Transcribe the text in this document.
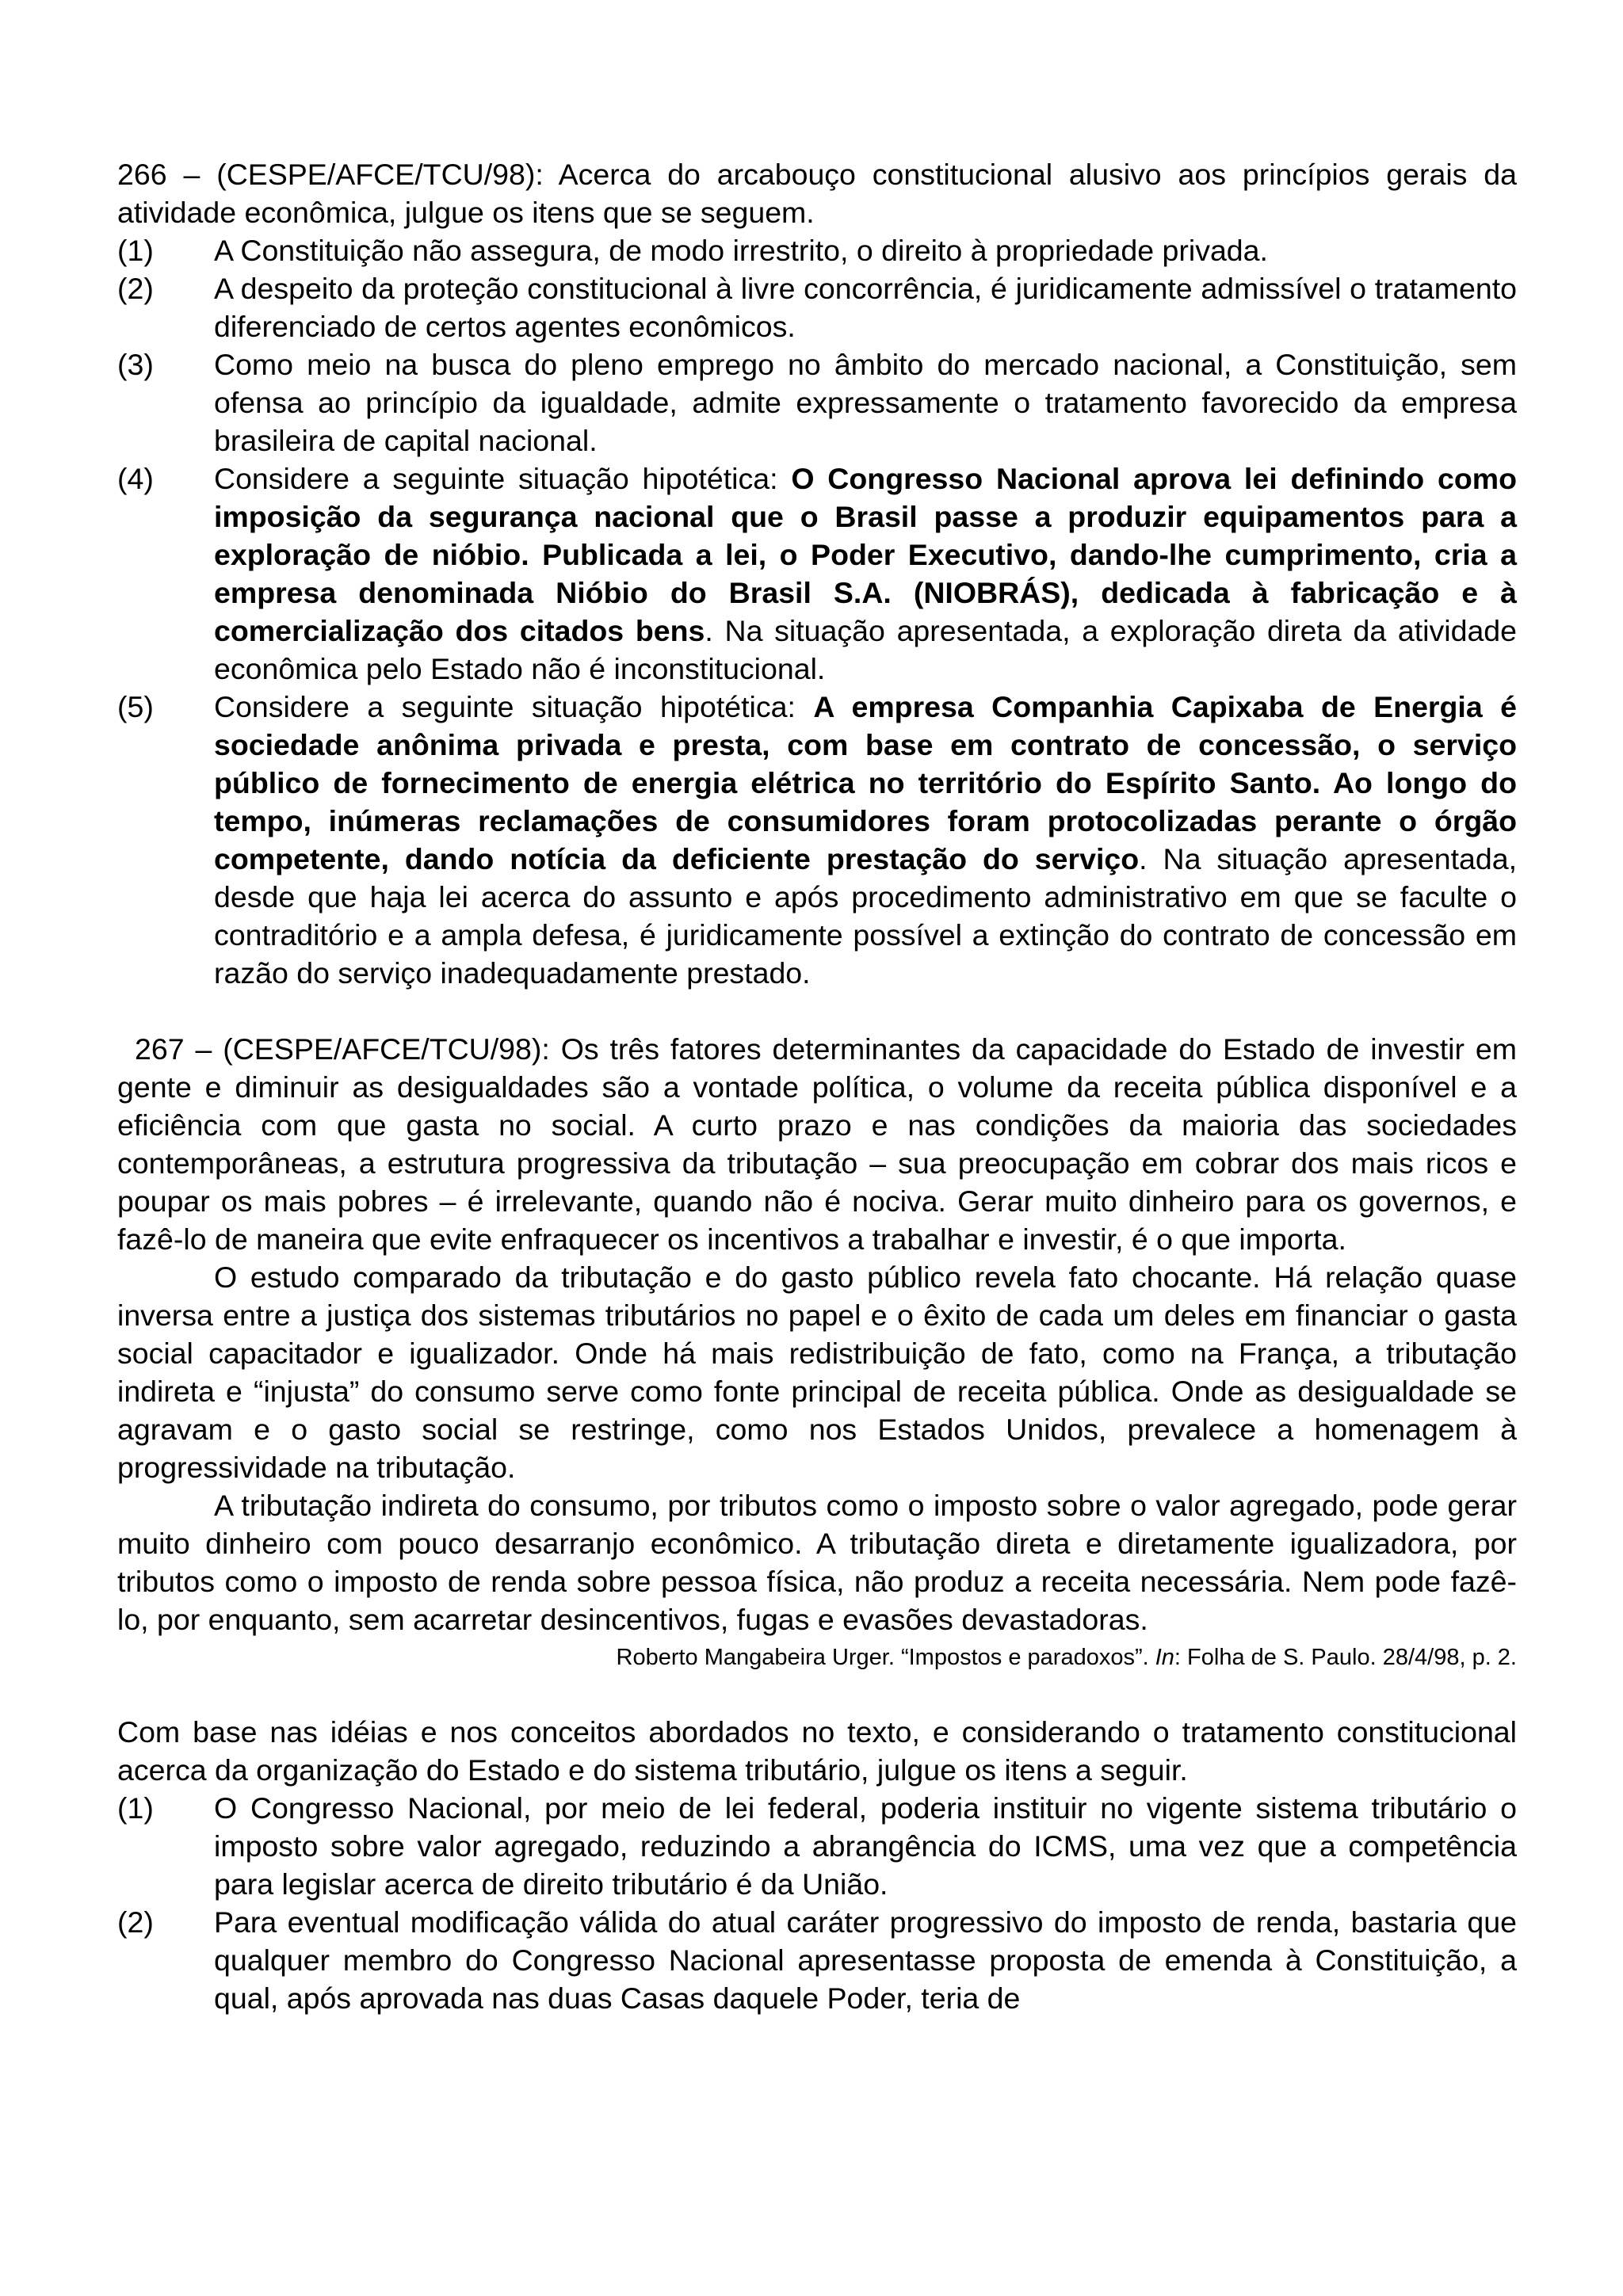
266 – (CESPE/AFCE/TCU/98): Acerca do arcabouço constitucional alusivo aos princípios gerais da atividade econômica, julgue os itens que se seguem.

(1)	A Constituição não assegura, de modo irrestrito, o direito à propriedade privada.
(2)	A despeito da proteção constitucional à livre concorrência, é juridicamente admissível o tratamento diferenciado de certos agentes econômicos.
(3)	Como meio na busca do pleno emprego no âmbito do mercado nacional, a Constituição, sem ofensa ao princípio da igualdade, admite expressamente o tratamento favorecido da empresa brasileira de capital nacional.
(4)	Considere a seguinte situação hipotética: O Congresso Nacional aprova lei definindo como imposição da segurança nacional que o Brasil passe a produzir equipamentos para a exploração de nióbio. Publicada a lei, o Poder Executivo, dando-lhe cumprimento, cria a empresa denominada Nióbio do Brasil S.A. (NIOBRÁS), dedicada à fabricação e à comercialização dos citados bens. Na situação apresentada, a exploração direta da atividade econômica pelo Estado não é inconstitucional.
(5)	Considere a seguinte situação hipotética: A empresa Companhia Capixaba de Energia é sociedade anônima privada e presta, com base em contrato de concessão, o serviço público de fornecimento de energia elétrica no território do Espírito Santo. Ao longo do tempo, inúmeras reclamações de consumidores foram protocolizadas perante o órgão competente, dando notícia da deficiente prestação do serviço. Na situação apresentada, desde que haja lei acerca do assunto e após procedimento administrativo em que se faculte o contraditório e a ampla defesa, é juridicamente possível a extinção do contrato de concessão em razão do serviço inadequadamente prestado.

267 – (CESPE/AFCE/TCU/98): Os três fatores determinantes da capacidade do Estado de investir em gente e diminuir as desigualdades são a vontade política, o volume da receita pública disponível e a eficiência com que gasta no social. A curto prazo e nas condições da maioria das sociedades contemporâneas, a estrutura progressiva da tributação – sua preocupação em cobrar dos mais ricos e poupar os mais pobres – é irrelevante, quando não é nociva. Gerar muito dinheiro para os governos, e fazê-lo de maneira que evite enfraquecer os incentivos a trabalhar e investir, é o que importa.

O estudo comparado da tributação e do gasto público revela fato chocante. Há relação quase inversa entre a justiça dos sistemas tributários no papel e o êxito de cada um deles em financiar o gasta social capacitador e igualizador. Onde há mais redistribuição de fato, como na França, a tributação indireta e “injusta” do consumo serve como fonte principal de receita pública. Onde as desigualdade se agravam e o gasto social se restringe, como nos Estados Unidos, prevalece a homenagem à progressividade na tributação.

A tributação indireta do consumo, por tributos como o imposto sobre o valor agregado, pode gerar muito dinheiro com pouco desarranjo econômico. A tributação direta e diretamente igualizadora, por tributos como o imposto de renda sobre pessoa física, não produz a receita necessária. Nem pode fazê-lo, por enquanto, sem acarretar desincentivos, fugas e evasões devastadoras.

Roberto Mangabeira Urger. “Impostos e paradoxos”. In: Folha de S. Paulo. 28/4/98, p. 2.

Com base nas idéias e nos conceitos abordados no texto, e considerando o tratamento constitucional acerca da organização do Estado e do sistema tributário, julgue os itens a seguir.

(1)	O Congresso Nacional, por meio de lei federal, poderia instituir no vigente sistema tributário o imposto sobre valor agregado, reduzindo a abrangência do ICMS, uma vez que a competência para legislar acerca de direito tributário é da União.
(2)	Para eventual modificação válida do atual caráter progressivo do imposto de renda, bastaria que qualquer membro do Congresso Nacional apresentasse proposta de emenda à Constituição, a qual, após aprovada nas duas Casas daquele Poder, teria de
